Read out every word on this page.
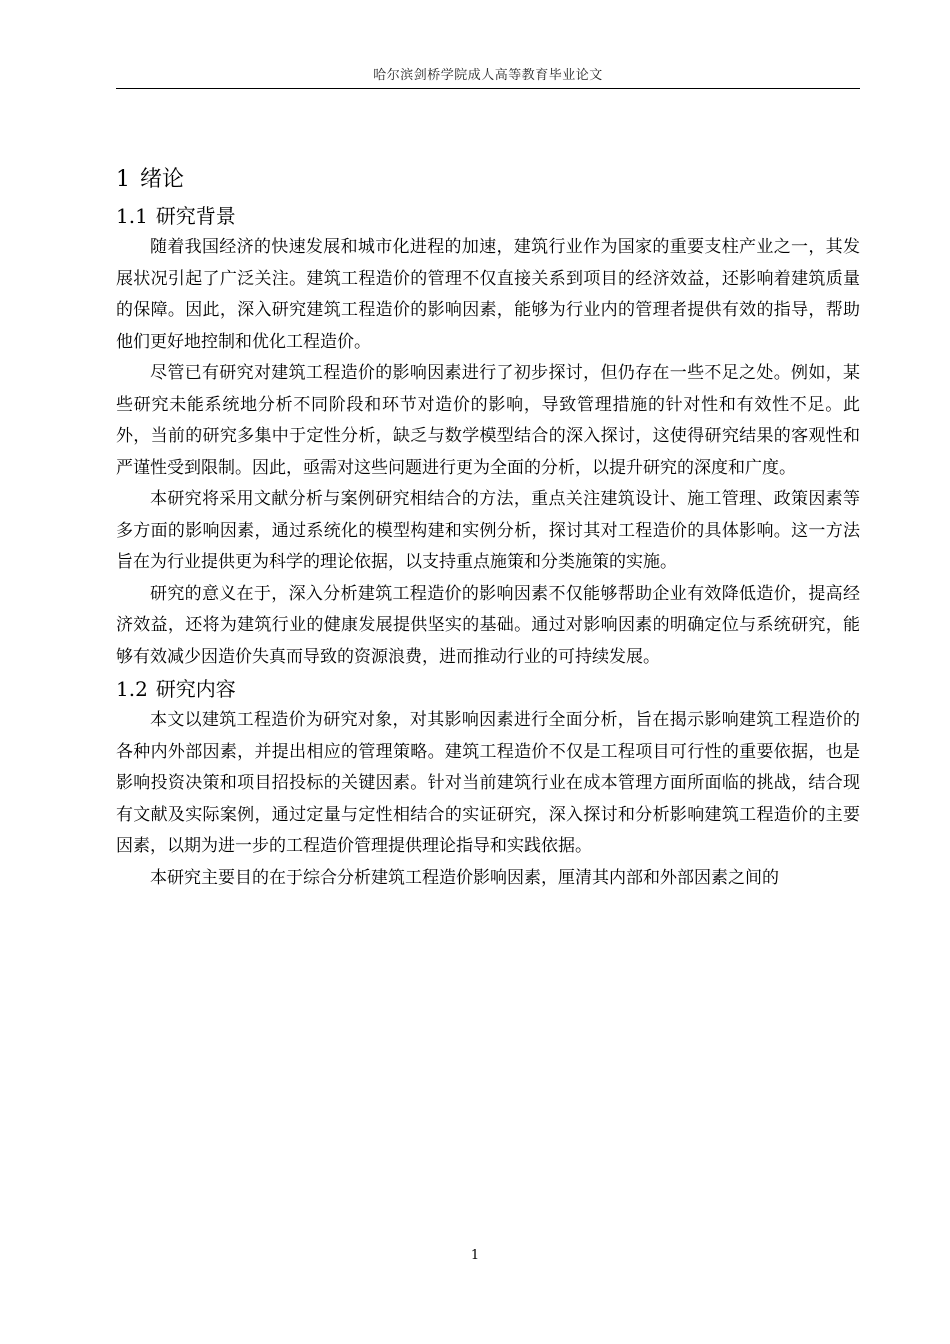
哈尔滨剑桥学院成人高等教育毕业论文
1 绪论
1.1 研究背景

随着我国经济的快速发展和城市化进程的加速，建筑行业作为国家的重要支柱产业之一，其发展状况引起了广泛关注。建筑工程造价的管理不仅直接关系到项目的经济效益，还影响着建筑质量的保障。因此，深入研究建筑工程造价的影响因素，能够为行业内的管理者提供有效的指导，帮助他们更好地控制和优化工程造价。

尽管已有研究对建筑工程造价的影响因素进行了初步探讨，但仍存在一些不足之处。例如，某些研究未能系统地分析不同阶段和环节对造价的影响，导致管理措施的针对性和有效性不足。此外，当前的研究多集中于定性分析，缺乏与数学模型结合的深入探讨，这使得研究结果的客观性和严谨性受到限制。因此，亟需对这些问题进行更为全面的分析，以提升研究的深度和广度。

本研究将采用文献分析与案例研究相结合的方法，重点关注建筑设计、施工管理、政策因素等多方面的影响因素，通过系统化的模型构建和实例分析，探讨其对工程造价的具体影响。这一方法旨在为行业提供更为科学的理论依据，以支持重点施策和分类施策的实施。

研究的意义在于，深入分析建筑工程造价的影响因素不仅能够帮助企业有效降低造价，提高经济效益，还将为建筑行业的健康发展提供坚实的基础。通过对影响因素的明确定位与系统研究，能够有效减少因造价失真而导致的资源浪费，进而推动行业的可持续发展。

1.2 研究内容

本文以建筑工程造价为研究对象，对其影响因素进行全面分析，旨在揭示影响建筑工程造价的各种内外部因素，并提出相应的管理策略。建筑工程造价不仅是工程项目可行性的重要依据，也是影响投资决策和项目招投标的关键因素。针对当前建筑行业在成本管理方面所面临的挑战，结合现有文献及实际案例，通过定量与定性相结合的实证研究，深入探讨和分析影响建筑工程造价的主要因素，以期为进一步的工程造价管理提供理论指导和实践依据。

本研究主要目的在于综合分析建筑工程造价影响因素，厘清其内部和外部因素之间的

1
